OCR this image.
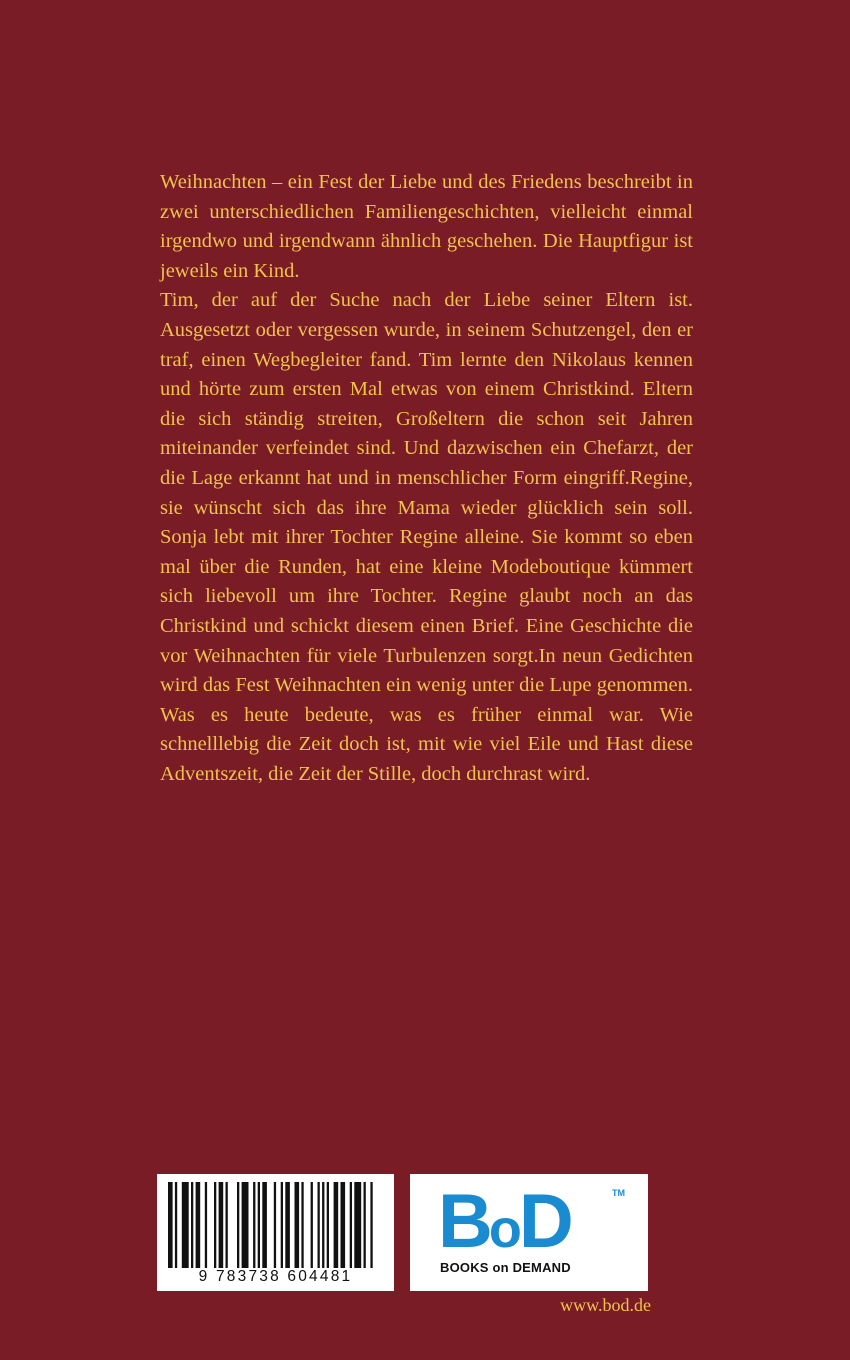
Weihnachten – ein Fest der Liebe und des Friedens beschreibt in zwei unterschiedlichen Familiengeschichten, vielleicht einmal irgendwo und irgendwann ähnlich geschehen. Die Hauptfigur ist jeweils ein Kind.

Tim, der auf der Suche nach der Liebe seiner Eltern ist. Ausgesetzt oder vergessen wurde, in seinem Schutzengel, den er traf, einen Wegbegleiter fand. Tim lernte den Nikolaus kennen und hörte zum ersten Mal etwas von einem Christkind. Eltern die sich ständig streiten, Großeltern die schon seit Jahren miteinander verfeindet sind. Und dazwischen ein Chefarzt, der die Lage erkannt hat und in menschlicher Form eingriff.Regine, sie wünscht sich das ihre Mama wieder glücklich sein soll. Sonja lebt mit ihrer Tochter Regine alleine. Sie kommt so eben mal über die Runden, hat eine kleine Modeboutique kümmert sich liebevoll um ihre Tochter. Regine glaubt noch an das Christkind und schickt diesem einen Brief. Eine Geschichte die vor Weihnachten für viele Turbulenzen sorgt.In neun Gedichten wird das Fest Weihnachten ein wenig unter die Lupe genommen. Was es heute bedeute, was es früher einmal war. Wie schnelllebig die Zeit doch ist, mit wie viel Eile und Hast diese Adventszeit, die Zeit der Stille, doch durchrast wird.

9 783738 604481
BoD	TM
BOOKS on DEMAND
www.bod.de
